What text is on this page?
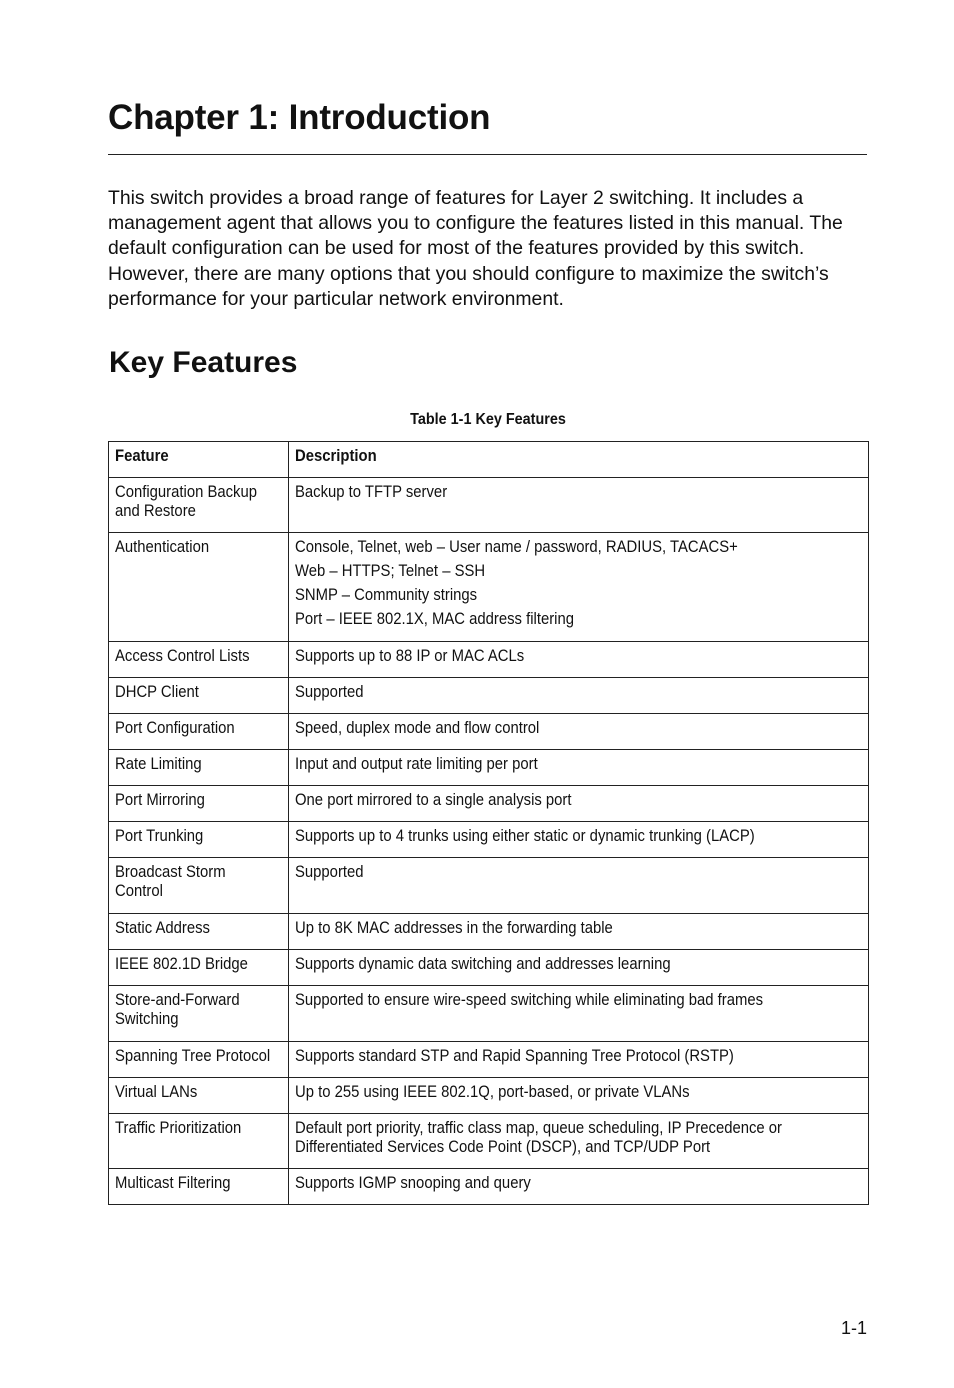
Chapter 1: Introduction

This switch provides a broad range of features for Layer 2 switching. It includes a management agent that allows you to configure the features listed in this manual. The default configuration can be used for most of the features provided by this switch. However, there are many options that you should configure to maximize the switch’s performance for your particular network environment.

Key Features
Table 1-1 Key Features
Feature	Description

Configuration Backup
and Restore	Backup to TFTP server

Authentication	Console, Telnet, web – User name / password, RADIUS, TACACS+
Web – HTTPS; Telnet – SSH
SNMP – Community strings
Port – IEEE 802.1X, MAC address filtering

Access Control Lists	Supports up to 88 IP or MAC ACLs

DHCP Client	Supported

Port Configuration	Speed, duplex mode and flow control

Rate Limiting	Input and output rate limiting per port

Port Mirroring	One port mirrored to a single analysis port

Port Trunking	Supports up to 4 trunks using either static or dynamic trunking (LACP)

Broadcast Storm
Control	Supported

Static Address	Up to 8K MAC addresses in the forwarding table

IEEE 802.1D Bridge	Supports dynamic data switching and addresses learning

Store-and-Forward
Switching	Supported to ensure wire-speed switching while eliminating bad frames

Spanning Tree Protocol	Supports standard STP and Rapid Spanning Tree Protocol (RSTP)

Virtual LANs	Up to 255 using IEEE 802.1Q, port-based, or private VLANs

Traffic Prioritization	Default port priority, traffic class map, queue scheduling, IP Precedence or
Differentiated Services Code Point (DSCP), and TCP/UDP Port

Multicast Filtering	Supports IGMP snooping and query
1-1
